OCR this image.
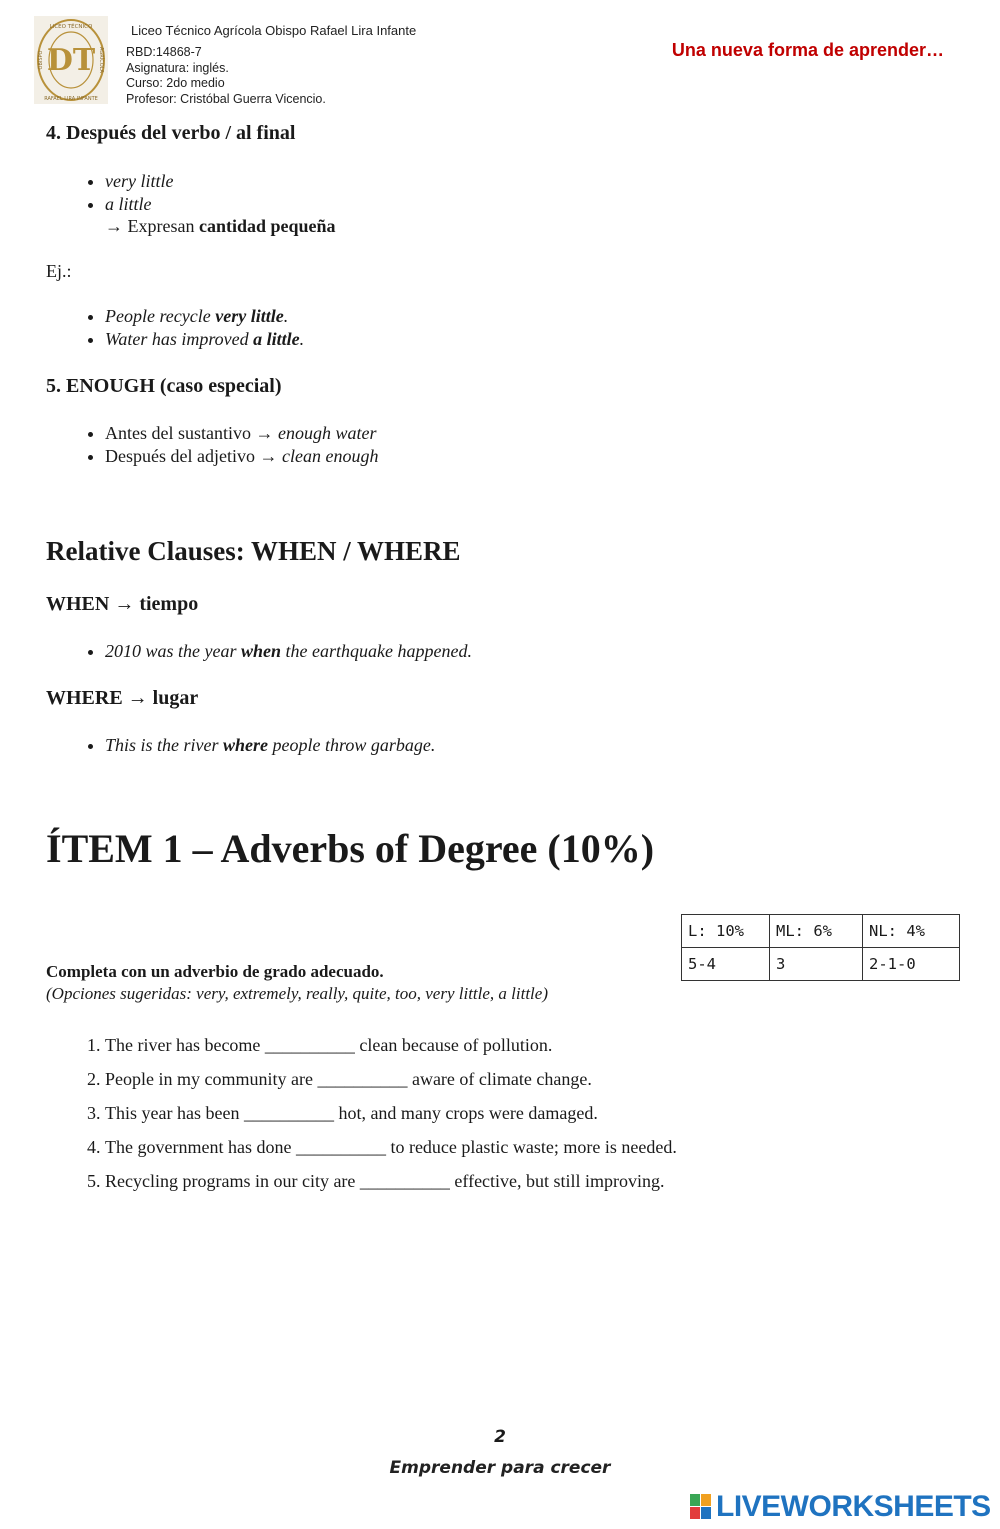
DT
LICEO TÉCNICO
RAFAEL LIRA INFANTE
OBISPO	AGRÍCOLA
Liceo Técnico Agrícola Obispo Rafael Lira Infante
RBD:14868-7
Asignatura: inglés.
Curso: 2do medio
Profesor: Cristóbal Guerra Vicencio.
Una nueva forma de aprender…
4. Después del verbo / al final
• very little
• a little
→ Expresan cantidad pequeña
Ej.:
• People recycle very little.
• Water has improved a little.
5. ENOUGH (caso especial)
• Antes del sustantivo → enough water
• Después del adjetivo → clean enough
Relative Clauses: WHEN / WHERE
WHEN → tiempo
• 2010 was the year when the earthquake happened.
WHERE → lugar
• This is the river where people throw garbage.
ÍTEM 1 – Adverbs of Degree (10%)
L: 10%	ML: 6%	NL: 4%
5-4	3	2-1-0
Completa con un adverbio de grado adecuado.
(Opciones sugeridas: very, extremely, really, quite, too, very little, a little)
1. The river has become __________ clean because of pollution.
2. People in my community are __________ aware of climate change.
3. This year has been __________ hot, and many crops were damaged.
4. The government has done __________ to reduce plastic waste; more is needed.
5. Recycling programs in our city are __________ effective, but still improving.
2
Emprender para crecer
LIVEWORKSHEETS
